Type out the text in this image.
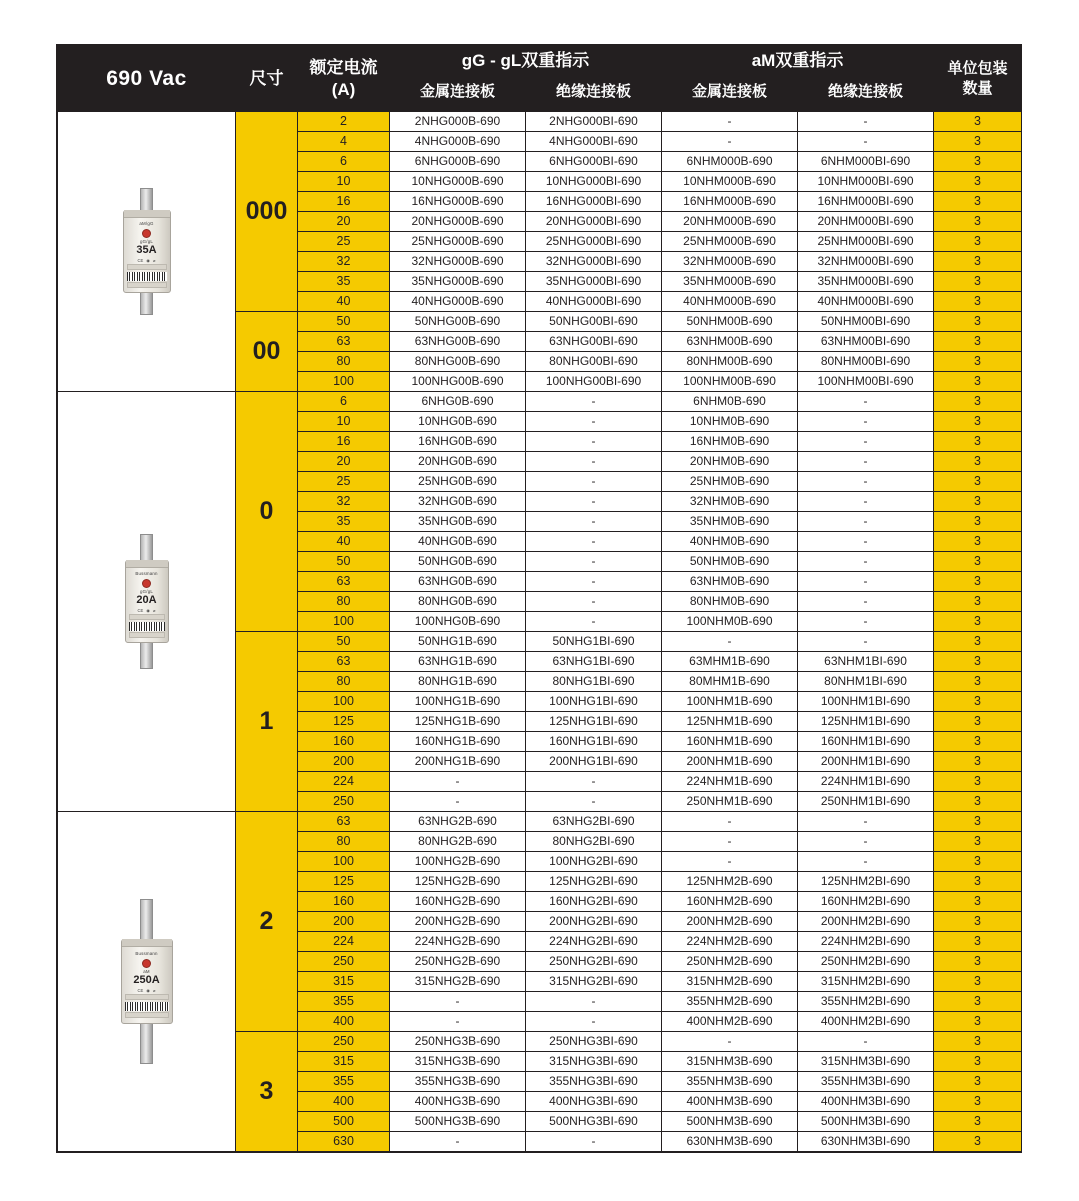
690 Vac	尺寸	
额定电流
(A)
	gG - gL双重指示	aM双重指示	单位包装
数量

			金属连接板	绝缘连接板	金属连接板	绝缘连接板	

aM/gG
gG/gL
35A
CE ◉ ⌀
	000	2	2NHG000B-690	2NHG000BI-690	-	-	3
		4	4NHG000B-690	4NHG000BI-690	-	-	3
		6	6NHG000B-690	6NHG000BI-690	6NHM000B-690	6NHM000BI-690	3
		10	10NHG000B-690	10NHG000BI-690	10NHM000B-690	10NHM000BI-690	3
		16	16NHG000B-690	16NHG000BI-690	16NHM000B-690	16NHM000BI-690	3
		20	20NHG000B-690	20NHG000BI-690	20NHM000B-690	20NHM000BI-690	3
		25	25NHG000B-690	25NHG000BI-690	25NHM000B-690	25NHM000BI-690	3
		32	32NHG000B-690	32NHG000BI-690	32NHM000B-690	32NHM000BI-690	3
		35	35NHG000B-690	35NHG000BI-690	35NHM000B-690	35NHM000BI-690	3
		40	40NHG000B-690	40NHG000BI-690	40NHM000B-690	40NHM000BI-690	3
	00	50	50NHG00B-690	50NHG00BI-690	50NHM00B-690	50NHM00BI-690	3
		63	63NHG00B-690	63NHG00BI-690	63NHM00B-690	63NHM00BI-690	3
		80	80NHG00B-690	80NHG00BI-690	80NHM00B-690	80NHM00BI-690	3
		100	100NHG00B-690	100NHG00BI-690	100NHM00B-690	100NHM00BI-690	3

Bussmann
gG/gL
20A
CE ◉ ⌀
	0	6	6NHG0B-690	-	6NHM0B-690	-	3
		10	10NHG0B-690	-	10NHM0B-690	-	3
		16	16NHG0B-690	-	16NHM0B-690	-	3
		20	20NHG0B-690	-	20NHM0B-690	-	3
		25	25NHG0B-690	-	25NHM0B-690	-	3
		32	32NHG0B-690	-	32NHM0B-690	-	3
		35	35NHG0B-690	-	35NHM0B-690	-	3
		40	40NHG0B-690	-	40NHM0B-690	-	3
		50	50NHG0B-690	-	50NHM0B-690	-	3
		63	63NHG0B-690	-	63NHM0B-690	-	3
		80	80NHG0B-690	-	80NHM0B-690	-	3
		100	100NHG0B-690	-	100NHM0B-690	-	3
	1	50	50NHG1B-690	50NHG1BI-690	-	-	3
		63	63NHG1B-690	63NHG1BI-690	63MHM1B-690	63NHM1BI-690	3
		80	80NHG1B-690	80NHG1BI-690	80MHM1B-690	80NHM1BI-690	3
		100	100NHG1B-690	100NHG1BI-690	100NHM1B-690	100NHM1BI-690	3
		125	125NHG1B-690	125NHG1BI-690	125NHM1B-690	125NHM1BI-690	3
		160	160NHG1B-690	160NHG1BI-690	160NHM1B-690	160NHM1BI-690	3
		200	200NHG1B-690	200NHG1BI-690	200NHM1B-690	200NHM1BI-690	3
		224	-	-	224NHM1B-690	224NHM1BI-690	3
		250	-	-	250NHM1B-690	250NHM1BI-690	3

Bussmann
aM
250A
CE ◉ ⌀
	2	63	63NHG2B-690	63NHG2BI-690	-	-	3
		80	80NHG2B-690	80NHG2BI-690	-	-	3
		100	100NHG2B-690	100NHG2BI-690	-	-	3
		125	125NHG2B-690	125NHG2BI-690	125NHM2B-690	125NHM2BI-690	3
		160	160NHG2B-690	160NHG2BI-690	160NHM2B-690	160NHM2BI-690	3
		200	200NHG2B-690	200NHG2BI-690	200NHM2B-690	200NHM2BI-690	3
		224	224NHG2B-690	224NHG2BI-690	224NHM2B-690	224NHM2BI-690	3
		250	250NHG2B-690	250NHG2BI-690	250NHM2B-690	250NHM2BI-690	3
		315	315NHG2B-690	315NHG2BI-690	315NHM2B-690	315NHM2BI-690	3
		355	-	-	355NHM2B-690	355NHM2BI-690	3
		400	-	-	400NHM2B-690	400NHM2BI-690	3
	3	250	250NHG3B-690	250NHG3BI-690	-	-	3
		315	315NHG3B-690	315NHG3BI-690	315NHM3B-690	315NHM3BI-690	3
		355	355NHG3B-690	355NHG3BI-690	355NHM3B-690	355NHM3BI-690	3
		400	400NHG3B-690	400NHG3BI-690	400NHM3B-690	400NHM3BI-690	3
		500	500NHG3B-690	500NHG3BI-690	500NHM3B-690	500NHM3BI-690	3
		630	-	-	630NHM3B-690	630NHM3BI-690	3
